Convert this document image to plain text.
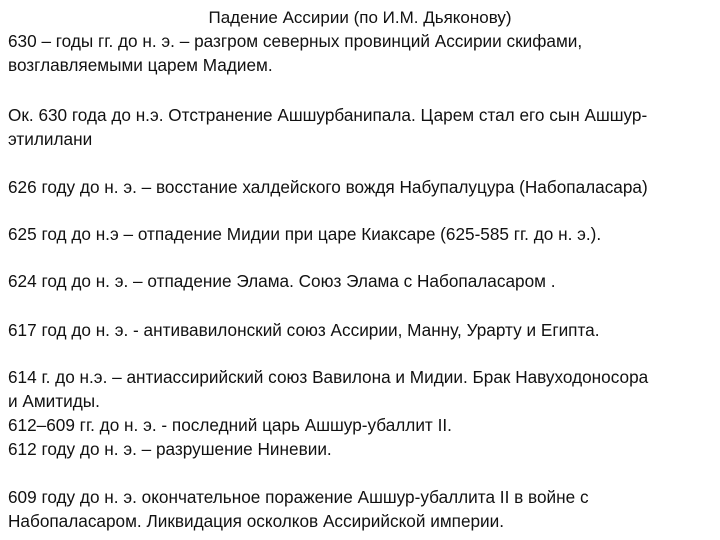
Падение Ассирии (по И.М. Дьяконову)
630 – годы гг. до н. э. – разгром северных провинций Ассирии скифами,
возглавляемыми царем Мадием.
Ок. 630 года до н.э. Отстранение Ашшурбанипала. Царем стал его сын Ашшур-
этилилани
626 году до н. э. – восстание халдейского вождя Набупалуцура (Набопаласара)
625 год до н.э – отпадение Мидии при царе Киаксаре (625-585 гг. до н. э.).
624 год до н. э. – отпадение Элама. Союз Элама с Набопаласаром .
617 год до н. э. - антивавилонский союз Ассирии, Манну, Урарту и Египта.
614 г. до н.э. – антиассирийский союз Вавилона и Мидии. Брак Навуходоносора
и Амитиды.
612–609 гг. до н. э. - последний царь Ашшур-убаллит II.
612 году до н. э. – разрушение Ниневии.
609 году до н. э. окончательное поражение Ашшур-убаллита II в войне с
Набопаласаром. Ликвидация осколков Ассирийской империи.
